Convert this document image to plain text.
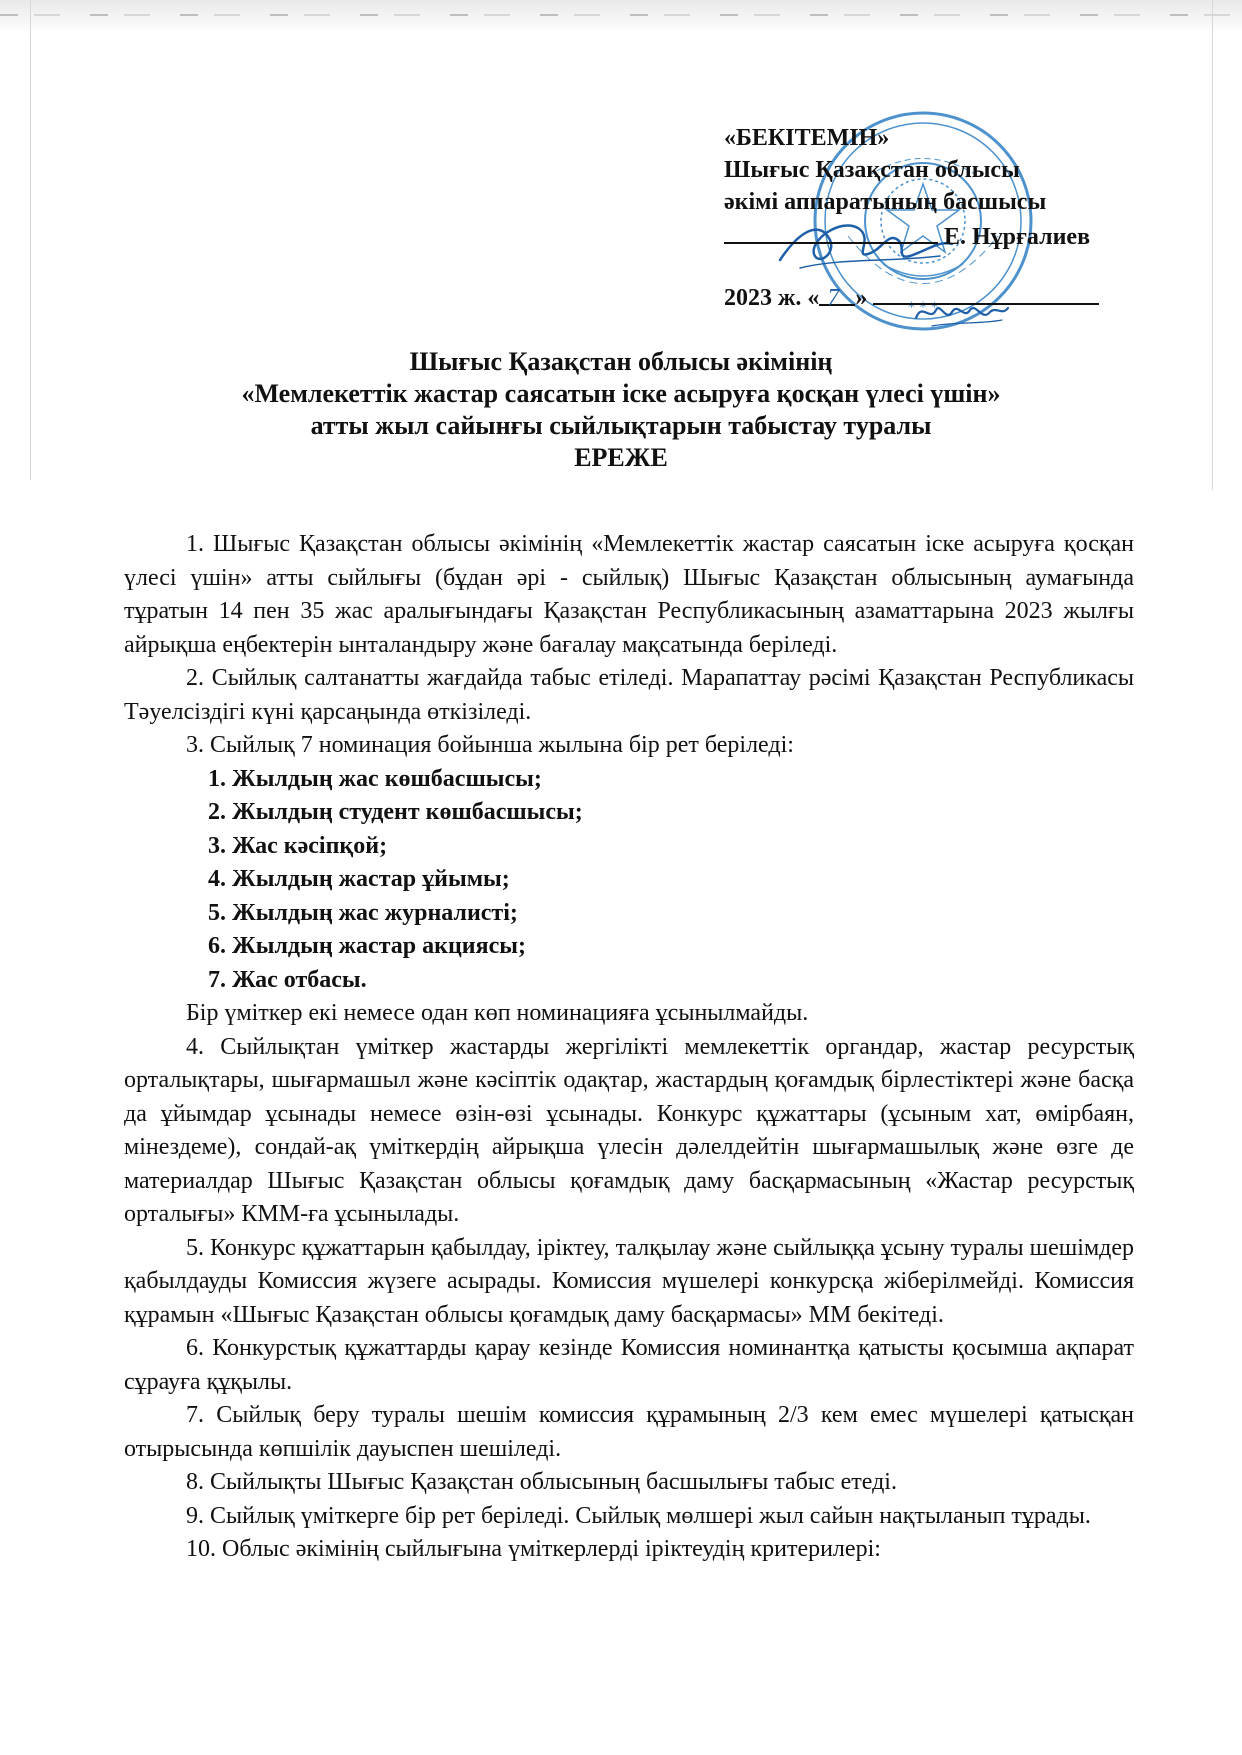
* * *
«БЕКІТЕМІН»
Шығыс Қазақстан облысы
әкімі аппаратының басшысы
Е. Нұрғалиев
2023 ж. « 7 »
Шығыс Қазақстан облысы әкімінің
«Мемлекеттік жастар саясатын іске асыруға қосқан үлесі үшін»
атты жыл сайынғы сыйлықтарын табыстау туралы
ЕРЕЖЕ

1. Шығыс Қазақстан облысы әкімінің «Мемлекеттік жастар саясатын іске асыруға қосқан үлесі үшін» атты сыйлығы (бұдан әрі - сыйлық) Шығыс Қазақстан облысының аумағында тұратын 14 пен 35 жас аралығындағы Қазақстан Республикасының азаматтарына 2023 жылғы айрықша еңбектерін ынталандыру және бағалау мақсатында беріледі.

2. Сыйлық салтанатты жағдайда табыс етіледі. Марапаттау рәсімі Қазақстан Республикасы Тәуелсіздігі күні қарсаңында өткізіледі.

3. Сыйлық 7 номинация бойынша жылына бір рет беріледі:

1. Жылдың жас көшбасшысы;

2. Жылдың студент көшбасшысы;

3. Жас кәсіпқой;

4. Жылдың жастар ұйымы;

5. Жылдың жас журналисті;

6. Жылдың жастар акциясы;

7. Жас отбасы.

Бір үміткер екі немесе одан көп номинацияға ұсынылмайды.

4. Сыйлықтан үміткер жастарды жергілікті мемлекеттік органдар, жастар ресурстық орталықтары, шығармашыл және кәсіптік одақтар, жастардың қоғамдық бірлестіктері және басқа да ұйымдар ұсынады немесе өзін-өзі ұсынады. Конкурс құжаттары (ұсыным хат, өмірбаян, мінездеме), сондай-ақ үміткердің айрықша үлесін дәлелдейтін шығармашылық және өзге де материалдар Шығыс Қазақстан облысы қоғамдық даму басқармасының «Жастар ресурстық орталығы» КММ-ға ұсынылады.

5. Конкурс құжаттарын қабылдау, іріктеу, талқылау және сыйлыққа ұсыну туралы шешімдер қабылдауды Комиссия жүзеге асырады. Комиссия мүшелері конкурсқа жіберілмейді. Комиссия құрамын «Шығыс Қазақстан облысы қоғамдық даму басқармасы» ММ бекітеді.

6. Конкурстық құжаттарды қарау кезінде Комиссия номинантқа қатысты қосымша ақпарат сұрауға құқылы.

7. Сыйлық беру туралы шешім комиссия құрамының 2/3 кем емес мүшелері қатысқан отырысында көпшілік дауыспен шешіледі.

8. Сыйлықты Шығыс Қазақстан облысының басшылығы табыс етеді.

9. Сыйлық үміткерге бір рет беріледі. Сыйлық мөлшері жыл сайын нақтыланып тұрады.

10. Облыс әкімінің сыйлығына үміткерлерді іріктеудің критерилері:
